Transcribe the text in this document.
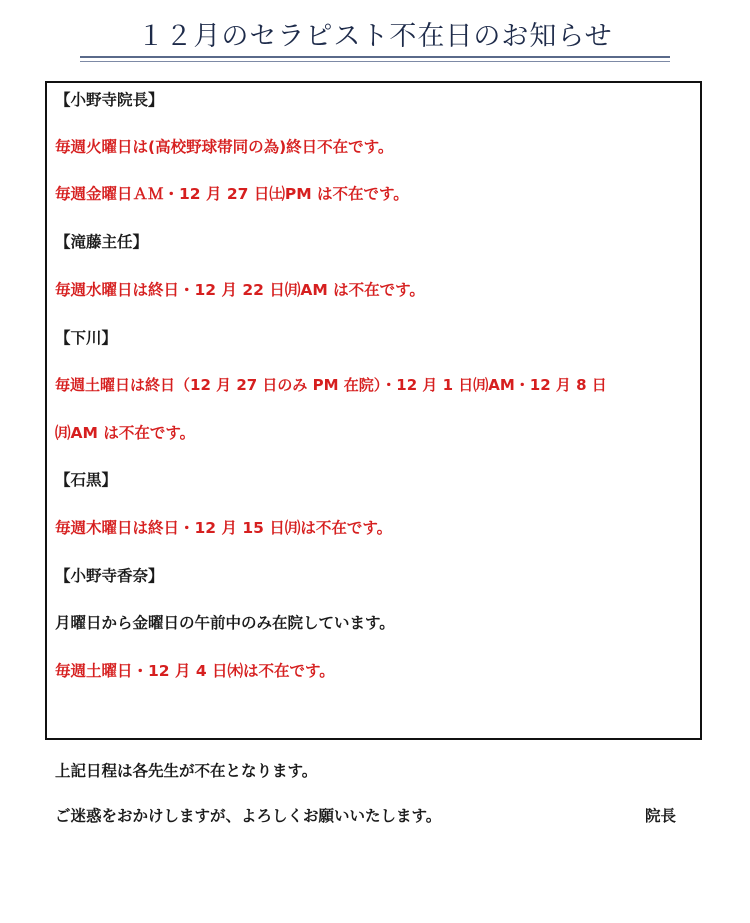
１２月のセラピスト不在日のお知らせ
【小野寺院長】
毎週火曜日は(高校野球帯同の為)終日不在です。
毎週金曜日ＡＭ・12 月 27 日㈯PM は不在です。
【滝藤主任】
毎週水曜日は終日・12 月 22 日㈪AM は不在です。
【下川】
毎週土曜日は終日（12 月 27 日のみ PM 在院）・12 月 1 日㈪AM・12 月 8 日
㈪AM は不在です。
【石黒】
毎週木曜日は終日・12 月 15 日㈪は不在です。
【小野寺香奈】
月曜日から金曜日の午前中のみ在院しています。
毎週土曜日・12 月 4 日㈭は不在です。
上記日程は各先生が不在となります。
ご迷惑をおかけしますが、よろしくお願いいたします。	院長
